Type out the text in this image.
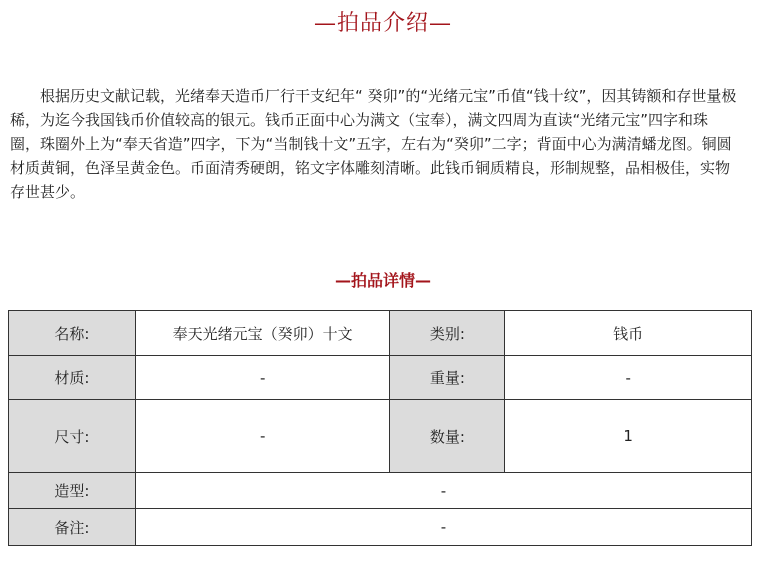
—拍品介绍—

根据历史文献记载，光绪奉天造币厂行干支纪年“ 癸卯”的“光绪元宝”币值“钱十纹”，因其铸额和存世量极稀，为迄今我国钱币价值较高的银元。钱币正面中心为满文（宝奉），满文四周为直读“光绪元宝”四字和珠圈，珠圈外上为“奉天省造”四字，下为“当制钱十文”五字，左右为“癸卯”二字；背面中心为满清蟠龙图。铜圆材质黄铜，色泽呈黄金色。币面清秀硬朗，铭文字体雕刻清晰。此钱币铜质精良，形制规整，品相极佳，实物存世甚少。

—拍品详情—
名称:	奉天光绪元宝（癸卯）十文	类别:	钱币
材质:	-	重量:	-
尺寸:	-	数量:	1
造型:	-		
备注:	-		
